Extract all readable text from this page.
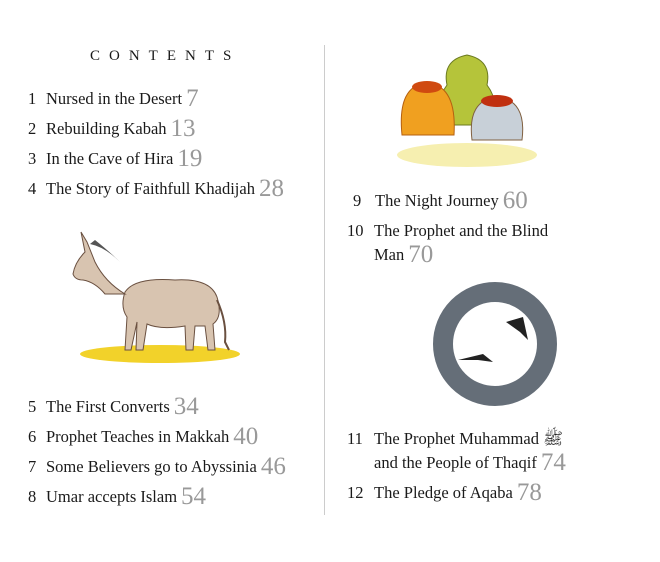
CONTENTS
1 Nursed in the Desert 7
2 Rebuilding Kabah 13
3 In the Cave of Hira 19
4 The Story of Faithfull Khadijah 28
5 The First Converts 34
6 Prophet Teaches in Makkah 40
7 Some Believers go to Abyssinia 46
8 Umar accepts Islam 54
9 The Night Journey 60
10 The Prophet and the Blind
Man 70
11 The Prophet Muhammad ﷺ
and the People of Thaqif 74
12 The Pledge of Aqaba 78
